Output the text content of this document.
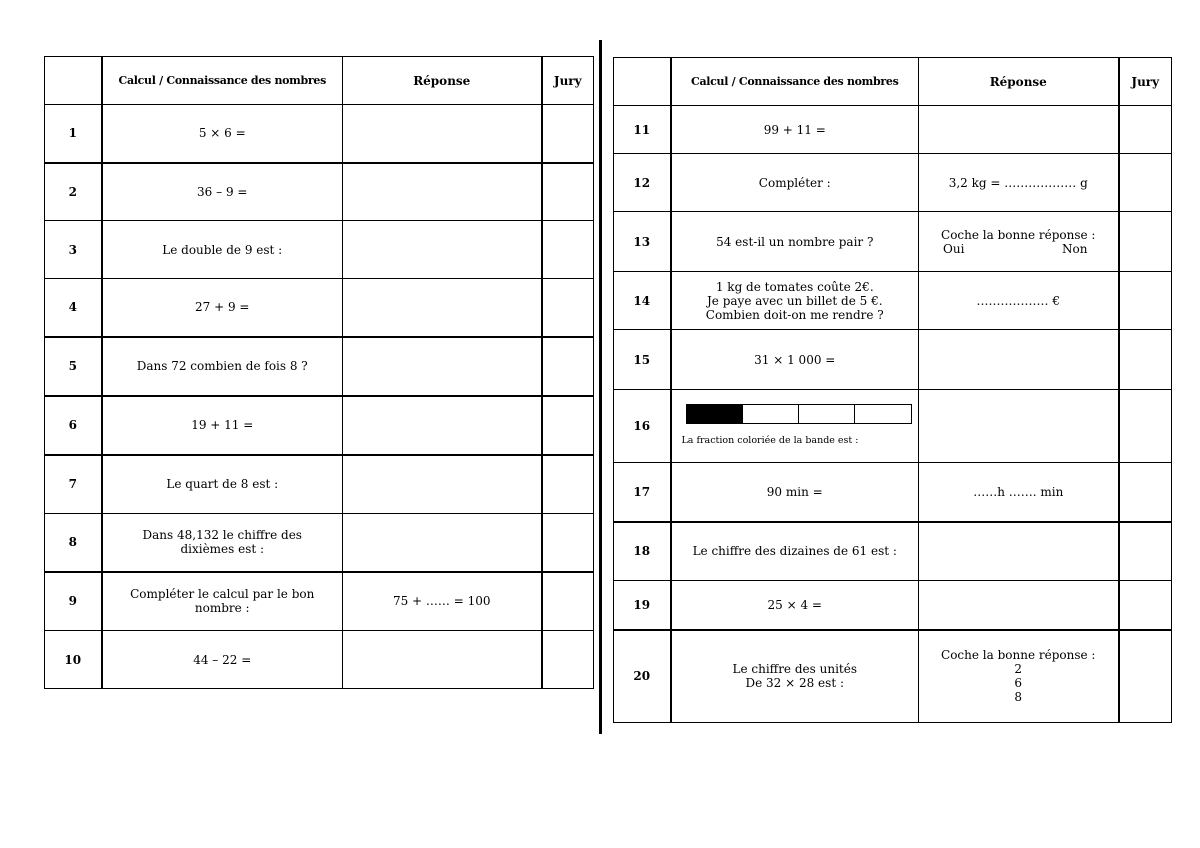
	Calcul / Connaissance des nombres	Réponse	Jury
1	5 × 6 =		
2	36 – 9 =		
3	Le double de 9 est :		
4	27 + 9 =		
5	Dans 72 combien de fois 8 ?		
6	19 + 11 =		
7	Le quart de 8 est :		
8	Dans 48,132 le chiffre des
dixièmes est :		

9	Compléter le calcul par le bon
nombre :	75 + …… = 100	
10	44 – 22 =		
	Calcul / Connaissance des nombres	Réponse	Jury
11	99 + 11 =		
12	Compléter :	3,2 kg = ……………… g	
13	54 est-il un nombre pair ?	Coche la bonne réponse :
Oui Non	

14	1 kg de tomates coûte 2€.
Je paye avec un billet de 5 €.
Combien doit-on me rendre ?	……………… €	
15	31 × 1 000 =		
16	La fraction coloriée de la bande est :		

17	90 min =	……h ……. min	
18	Le chiffre des dizaines de 61 est :		
19	25 × 4 =		
20	Le chiffre des unités
De 32 × 28 est :	Coche la bonne réponse :
2
6
8	
